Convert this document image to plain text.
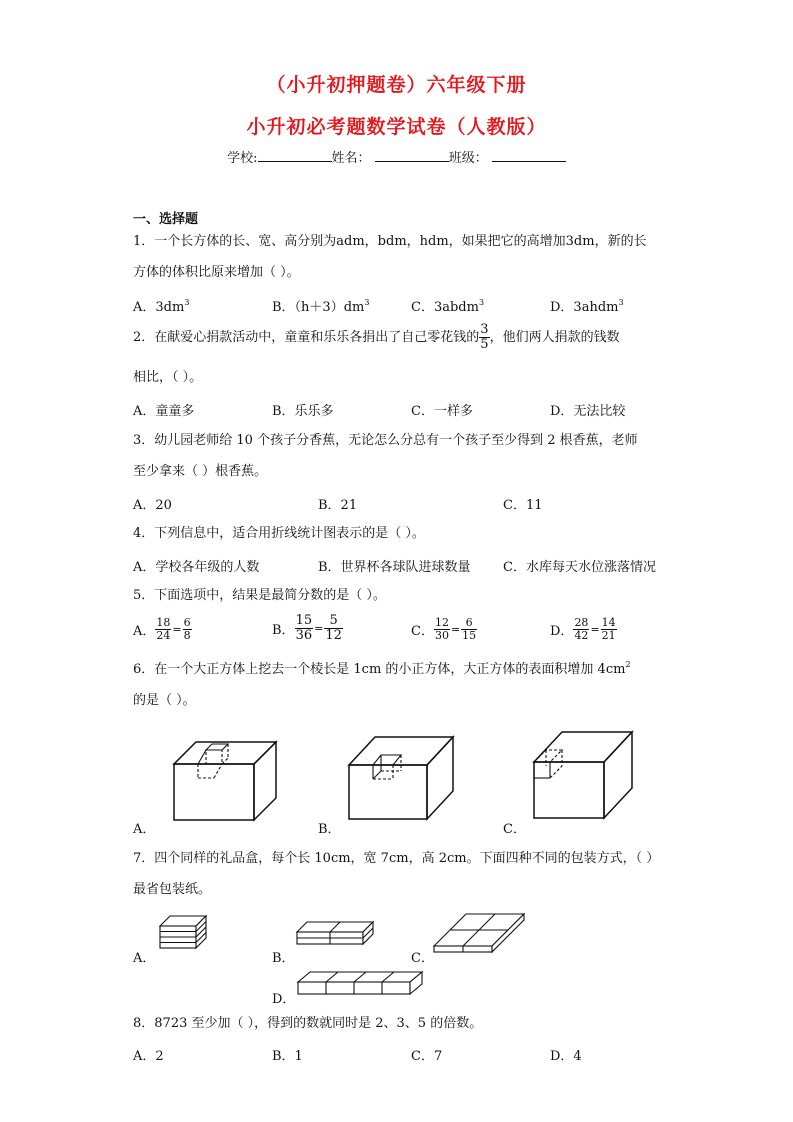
（小升初押题卷）六年级下册
小升初必考题数学试卷（人教版）
学校:	姓名：	班级：
一、选择题
1．一个长方体的长、宽、高分别为adm，bdm，hdm，如果把它的高增加3dm，新的长
方体的体积比原来增加（ ）。
A．$3dm^3$	B．$(h+3)dm^3$	C．3abdm$^3$	D．3ahdm$^3$
2．在献爱心捐款活动中，童童和乐乐各捐出了自己零花钱的 $\frac{3}{5}$ ，他们两人捐款的钱数
相比，（ ）。
A．童童多	B．乐乐多	C．一样多	D．无法比较
3．幼儿园老师给 10 个孩子分香蕉，无论怎么分总有一个孩子至少得到 2 根香蕉，老师
至少拿来（ ）根香蕉。
A．20	B．21	C．11
4．下列信息中，适合用折线统计图表示的是（ ）。
A．学校各年级的人数	B．世界杯各球队进球数量 C．水库每天水位涨落情况
5．下面选项中，结果是最简分数的是（ ）。
A． $\frac{18}{24} = \frac{6}{8}$	B． $\frac{15}{36} = \frac{5}{12}$	C． $\frac{12}{30} = \frac{6}{15}$	D． $\frac{28}{42} = \frac{14}{21}$
6．在一个大正方体上挖去一个棱长是 1cm 的小正方体，大正方体的表面积增加 $4cm^2$
的是（ ）。
A．	B．	C．
7．四个同样的礼品盒，每个长 10cm，宽 7cm，高 2cm。下面四种不同的包装方式，（ ）
最省包装纸。
A．	B．	C．
D．
8．8723 至少加（ ），得到的数就同时是 2、3、5 的倍数。
A．2	B．1	C．7	D．4
